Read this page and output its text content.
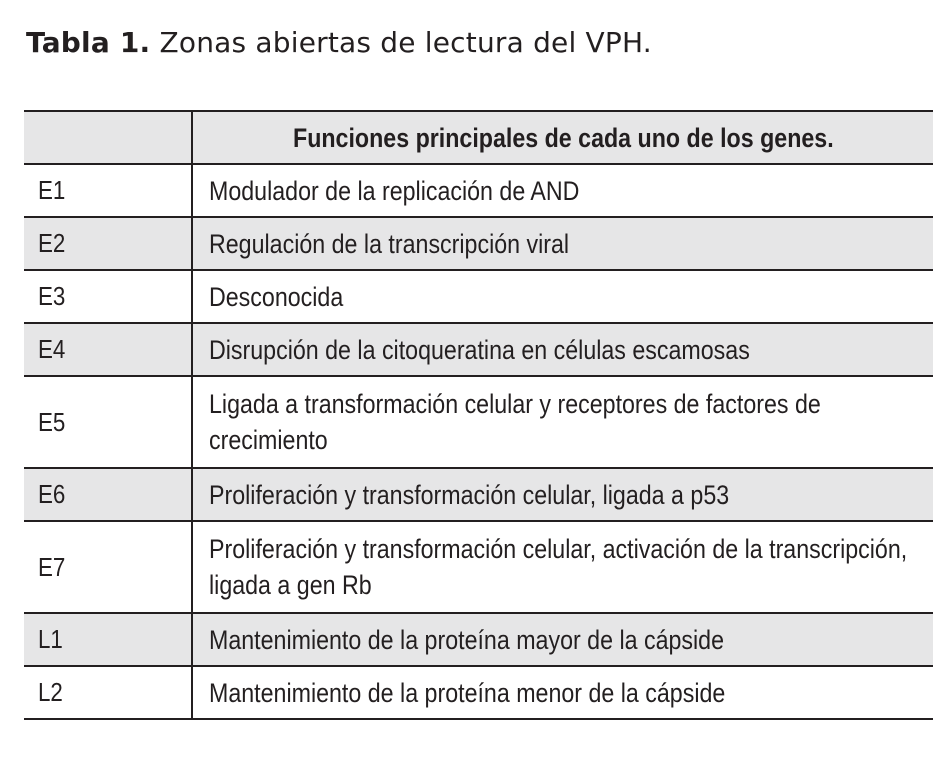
Tabla 1. Zonas abiertas de lectura del VPH.
	Funciones principales de cada uno de los genes.
E1	Modulador de la replicación de AND
E2	Regulación de la transcripción viral
E3	Desconocida
E4	Disrupción de la citoqueratina en células escamosas
E5	Ligada a transformación celular y receptores de factores de crecimiento

E6	Proliferación y transformación celular, ligada a p53
E7	Proliferación y transformación celular, activación de la transcripción, ligada a gen Rb

L1	Mantenimiento de la proteína mayor de la cápside
L2	Mantenimiento de la proteína menor de la cápside
